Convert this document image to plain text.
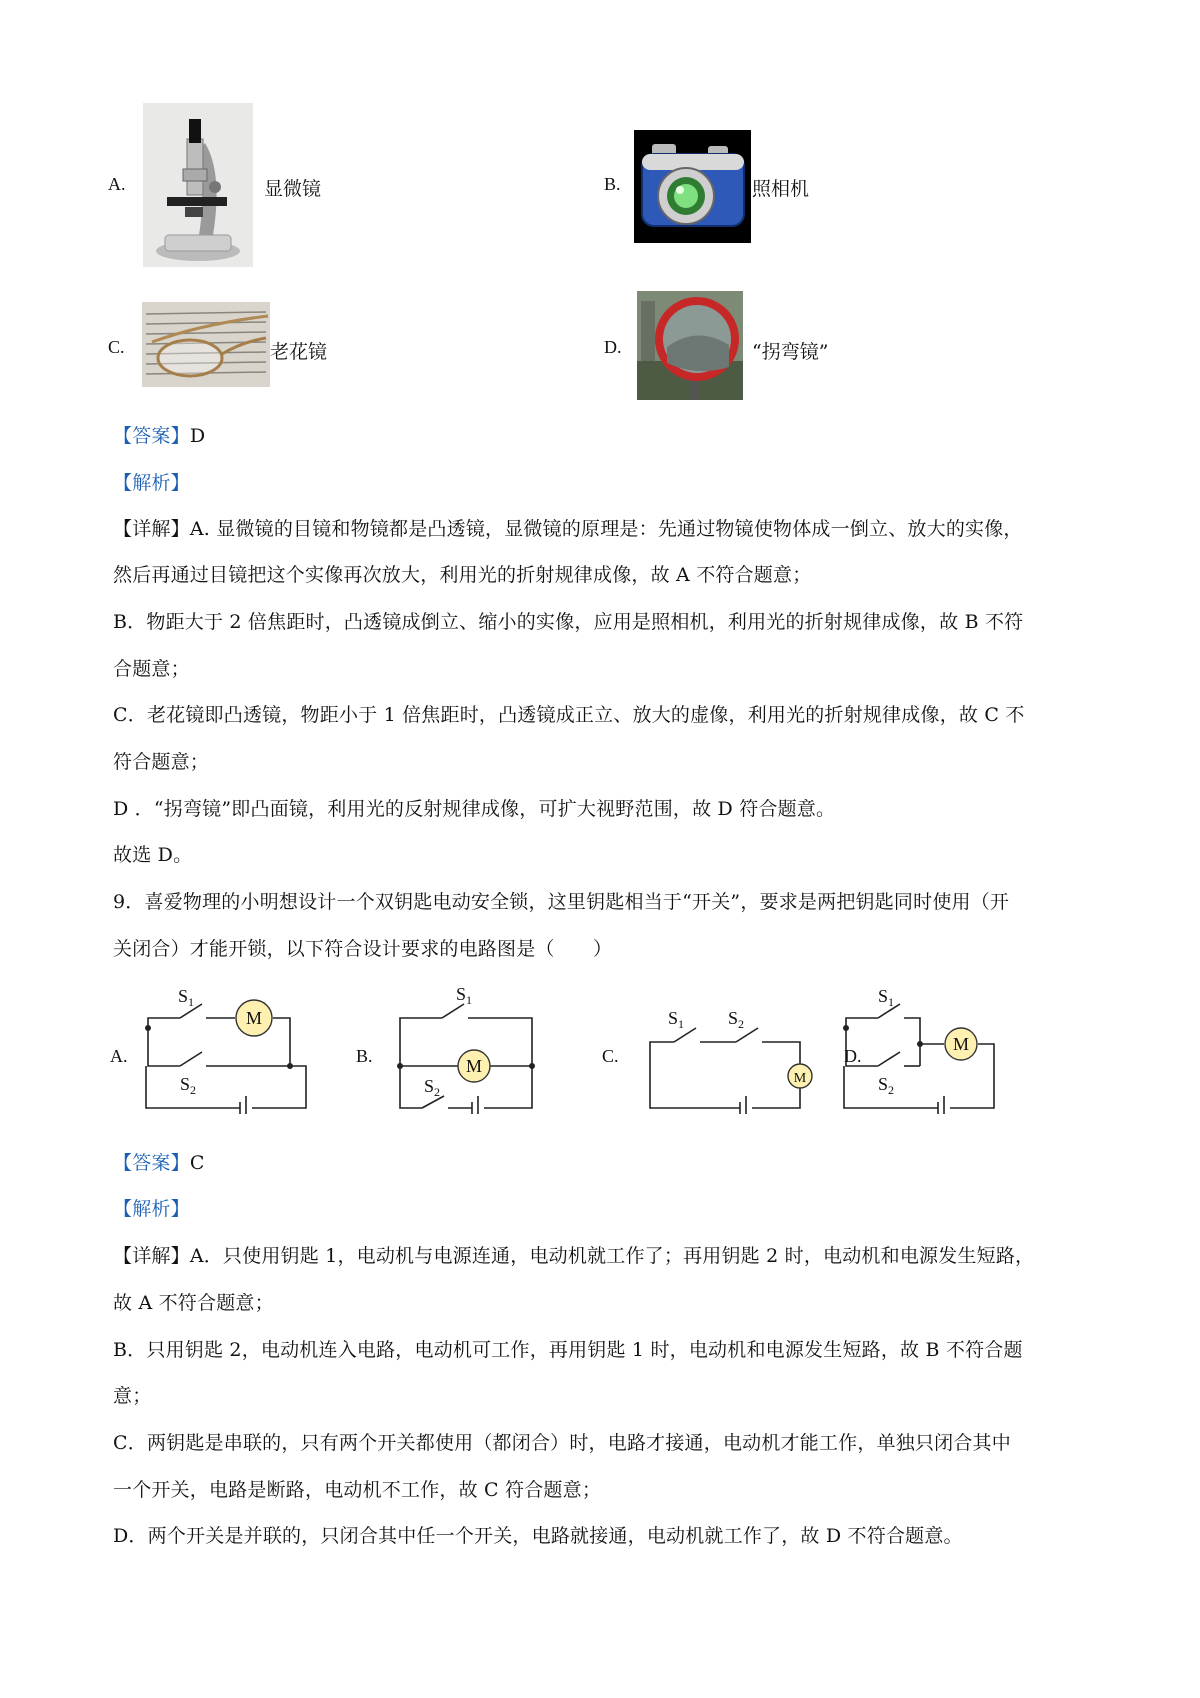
A.	显微镜	B.	照相机
C.	老花镜	D.	“拐弯镜”
【答案】D
【解析】
【详解】A. 显微镜的目镜和物镜都是凸透镜，显微镜的原理是：先通过物镜使物体成一倒立、放大的实像，
然后再通过目镜把这个实像再次放大，利用光的折射规律成像，故 A 不符合题意；
B．物距大于 2 倍焦距时，凸透镜成倒立、缩小的实像，应用是照相机，利用光的折射规律成像，故 B 不符
合题意；
C．老花镜即凸透镜，物距小于 1 倍焦距时，凸透镜成正立、放大的虚像，利用光的折射规律成像，故 C 不
符合题意；
D ．“拐弯镜”即凸面镜，利用光的反射规律成像，可扩大视野范围，故 D 符合题意。
故选 D。
9．喜爱物理的小明想设计一个双钥匙电动安全锁，这里钥匙相当于“开关”，要求是两把钥匙同时使用（开
关闭合）才能开锁，以下符合设计要求的电路图是（　　）
M
M
M
M
$S_1$
$S_2$
$S_1$
$S_2$
$S_1$ $S_2$
$S_1$
$S_2$
A.	B.	C.	D.
【答案】C
【解析】
【详解】A．只使用钥匙 1，电动机与电源连通，电动机就工作了；再用钥匙 2 时，电动机和电源发生短路，
故 A 不符合题意；
B．只用钥匙 2，电动机连入电路，电动机可工作，再用钥匙 1 时，电动机和电源发生短路，故 B 不符合题
意；
C．两钥匙是串联的，只有两个开关都使用（都闭合）时，电路才接通，电动机才能工作，单独只闭合其中
一个开关，电路是断路，电动机不工作，故 C 符合题意；
D．两个开关是并联的，只闭合其中任一个开关，电路就接通，电动机就工作了，故 D 不符合题意。
